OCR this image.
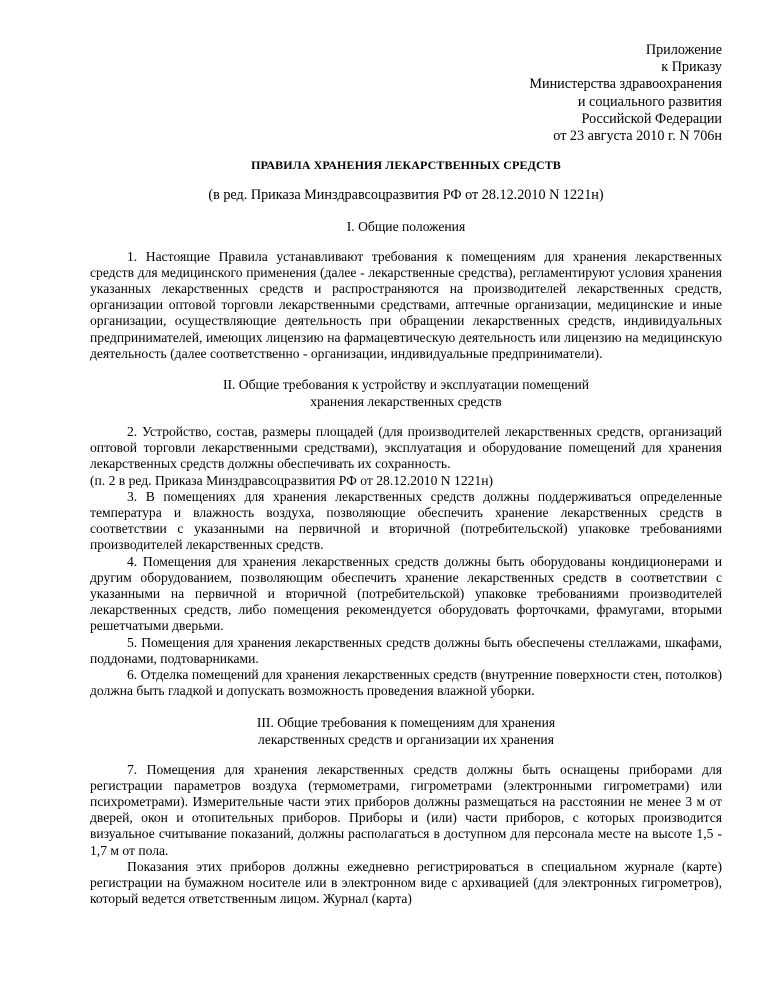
Приложение
к Приказу
Министерства здравоохранения
и социального развития
Российской Федерации
от 23 августа 2010 г. N 706н
ПРАВИЛА ХРАНЕНИЯ ЛЕКАРСТВЕННЫХ СРЕДСТВ
(в ред. Приказа Минздравсоцразвития РФ от 28.12.2010 N 1221н)
I. Общие положения

1. Настоящие Правила устанавливают требования к помещениям для хранения лекарственных средств для медицинского применения (далее - лекарственные средства), регламентируют условия хранения указанных лекарственных средств и распространяются на производителей лекарственных средств, организации оптовой торговли лекарственными средствами, аптечные организации, медицинские и иные организации, осуществляющие деятельность при обращении лекарственных средств, индивидуальных предпринимателей, имеющих лицензию на фармацевтическую деятельность или лицензию на медицинскую деятельность (далее соответственно - организации, индивидуальные предприниматели).

II. Общие требования к устройству и эксплуатации помещений
хранения лекарственных средств

2. Устройство, состав, размеры площадей (для производителей лекарственных средств, организаций оптовой торговли лекарственными средствами), эксплуатация и оборудование помещений для хранения лекарственных средств должны обеспечивать их сохранность.

(п. 2 в ред. Приказа Минздравсоцразвития РФ от 28.12.2010 N 1221н)

3. В помещениях для хранения лекарственных средств должны поддерживаться определенные температура и влажность воздуха, позволяющие обеспечить хранение лекарственных средств в соответствии с указанными на первичной и вторичной (потребительской) упаковке требованиями производителей лекарственных средств.

4. Помещения для хранения лекарственных средств должны быть оборудованы кондиционерами и другим оборудованием, позволяющим обеспечить хранение лекарственных средств в соответствии с указанными на первичной и вторичной (потребительской) упаковке требованиями производителей лекарственных средств, либо помещения рекомендуется оборудовать форточками, фрамугами, вторыми решетчатыми дверьми.

5. Помещения для хранения лекарственных средств должны быть обеспечены стеллажами, шкафами, поддонами, подтоварниками.

6. Отделка помещений для хранения лекарственных средств (внутренние поверхности стен, потолков) должна быть гладкой и допускать возможность проведения влажной уборки.

III. Общие требования к помещениям для хранения
лекарственных средств и организации их хранения

7. Помещения для хранения лекарственных средств должны быть оснащены приборами для регистрации параметров воздуха (термометрами, гигрометрами (электронными гигрометрами) или психрометрами). Измерительные части этих приборов должны размещаться на расстоянии не менее 3 м от дверей, окон и отопительных приборов. Приборы и (или) части приборов, с которых производится визуальное считывание показаний, должны располагаться в доступном для персонала месте на высоте 1,5 - 1,7 м от пола.

Показания этих приборов должны ежедневно регистрироваться в специальном журнале (карте) регистрации на бумажном носителе или в электронном виде с архивацией (для электронных гигрометров), который ведется ответственным лицом. Журнал (карта)
